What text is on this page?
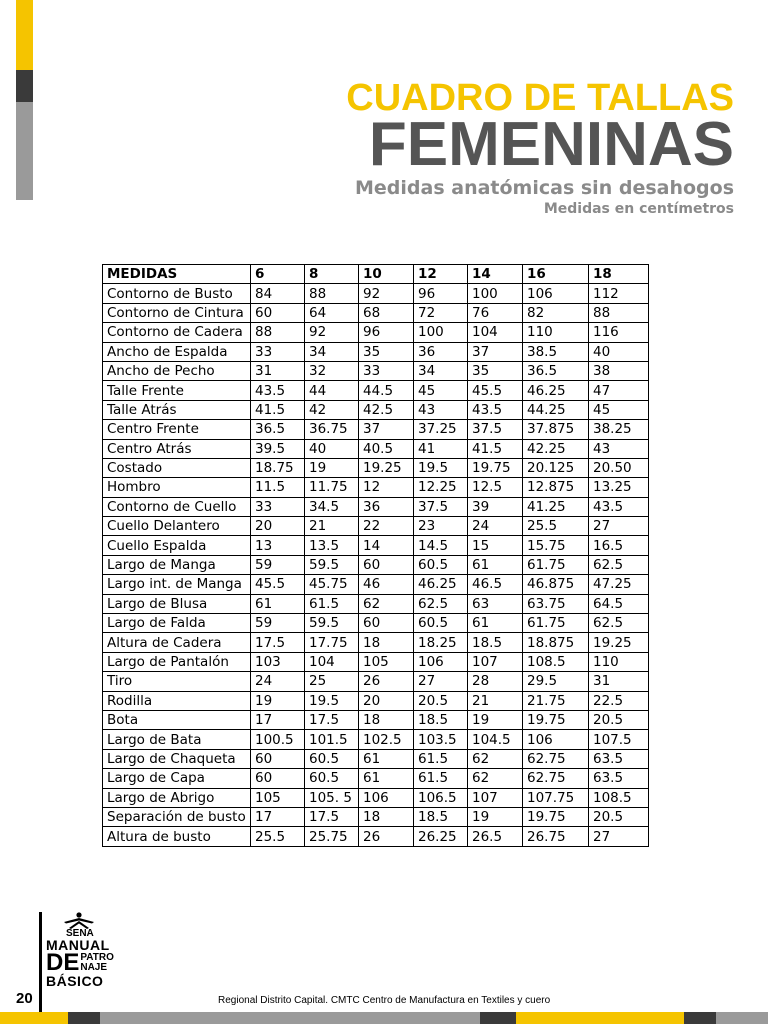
CUADRO DE TALLAS
FEMENINAS
Medidas anatómicas sin desahogos
Medidas en centímetros
MEDIDAS	6	8	10	12	14	16	18
Contorno de Busto	84	88	92	96	100	106	112
Contorno de Cintura	60	64	68	72	76	82	88
Contorno de Cadera	88	92	96	100	104	110	116
Ancho de Espalda	33	34	35	36	37	38.5	40
Ancho de Pecho	31	32	33	34	35	36.5	38
Talle Frente	43.5	44	44.5	45	45.5	46.25	47
Talle Atrás	41.5	42	42.5	43	43.5	44.25	45
Centro Frente	36.5	36.75	37	37.25	37.5	37.875	38.25
Centro Atrás	39.5	40	40.5	41	41.5	42.25	43
Costado	18.75	19	19.25	19.5	19.75	20.125	20.50
Hombro	11.5	11.75	12	12.25	12.5	12.875	13.25
Contorno de Cuello	33	34.5	36	37.5	39	41.25	43.5
Cuello Delantero	20	21	22	23	24	25.5	27
Cuello Espalda	13	13.5	14	14.5	15	15.75	16.5
Largo de Manga	59	59.5	60	60.5	61	61.75	62.5
Largo int. de Manga	45.5	45.75	46	46.25	46.5	46.875	47.25
Largo de Blusa	61	61.5	62	62.5	63	63.75	64.5
Largo de Falda	59	59.5	60	60.5	61	61.75	62.5
Altura de Cadera	17.5	17.75	18	18.25	18.5	18.875	19.25
Largo de Pantalón	103	104	105	106	107	108.5	110
Tiro	24	25	26	27	28	29.5	31
Rodilla	19	19.5	20	20.5	21	21.75	22.5
Bota	17	17.5	18	18.5	19	19.75	20.5
Largo de Bata	100.5	101.5	102.5	103.5	104.5	106	107.5
Largo de Chaqueta	60	60.5	61	61.5	62	62.75	63.5
Largo de Capa	60	60.5	61	61.5	62	62.75	63.5
Largo de Abrigo	105	105. 5	106	106.5	107	107.75	108.5
Separación de busto	17	17.5	18	18.5	19	19.75	20.5
Altura de busto	25.5	25.75	26	26.25	26.5	26.75	27
20
SENA
MANUAL
DE PATRO
NAJE
BÁSICO
Regional Distrito Capital. CMTC Centro de Manufactura en Textiles y cuero
